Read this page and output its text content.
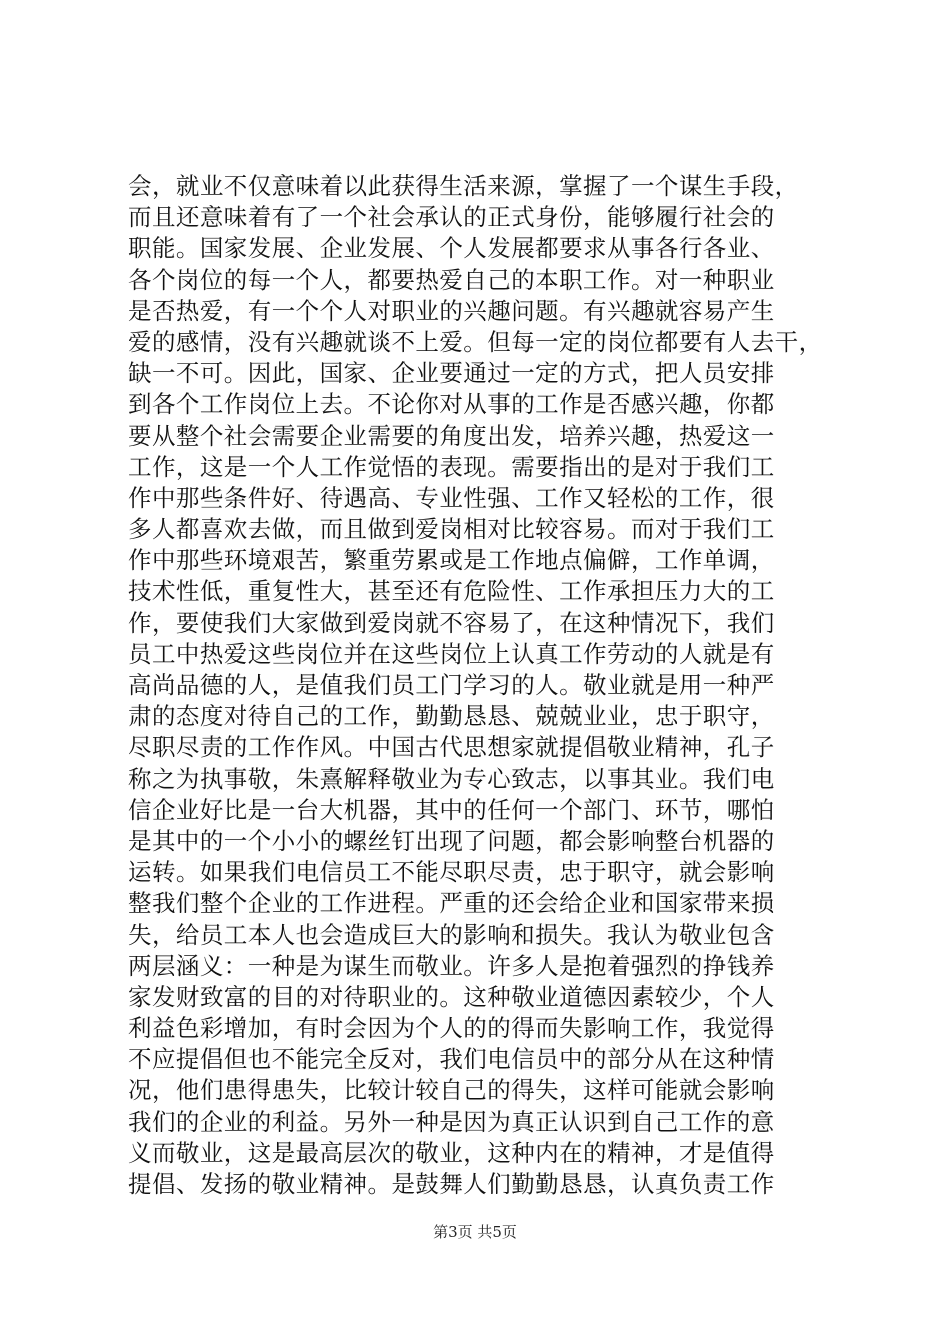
会，就业不仅意味着以此获得生活来源，掌握了一个谋生手段，
而且还意味着有了一个社会承认的正式身份，能够履行社会的
职能。国家发展、企业发展、个人发展都要求从事各行各业、
各个岗位的每一个人，都要热爱自己的本职工作。对一种职业
是否热爱，有一个个人对职业的兴趣问题。有兴趣就容易产生
爱的感情，没有兴趣就谈不上爱。但每一定的岗位都要有人去干，
缺一不可。因此，国家、企业要通过一定的方式，把人员安排
到各个工作岗位上去。不论你对从事的工作是否感兴趣，你都
要从整个社会需要企业需要的角度出发，培养兴趣，热爱这一
工作，这是一个人工作觉悟的表现。需要指出的是对于我们工
作中那些条件好、待遇高、专业性强、工作又轻松的工作，很
多人都喜欢去做，而且做到爱岗相对比较容易。而对于我们工
作中那些环境艰苦，繁重劳累或是工作地点偏僻，工作单调，
技术性低，重复性大，甚至还有危险性、工作承担压力大的工
作，要使我们大家做到爱岗就不容易了，在这种情况下，我们
员工中热爱这些岗位并在这些岗位上认真工作劳动的人就是有
高尚品德的人，是值我们员工门学习的人。敬业就是用一种严
肃的态度对待自己的工作，勤勤恳恳、兢兢业业，忠于职守，
尽职尽责的工作作风。中国古代思想家就提倡敬业精神，孔子
称之为执事敬，朱熹解释敬业为专心致志，以事其业。我们电
信企业好比是一台大机器，其中的任何一个部门、环节，哪怕
是其中的一个小小的螺丝钉出现了问题，都会影响整台机器的
运转。如果我们电信员工不能尽职尽责，忠于职守，就会影响
整我们整个企业的工作进程。严重的还会给企业和国家带来损
失，给员工本人也会造成巨大的影响和损失。我认为敬业包含
两层涵义：一种是为谋生而敬业。许多人是抱着强烈的挣钱养
家发财致富的目的对待职业的。这种敬业道德因素较少，个人
利益色彩增加，有时会因为个人的的得而失影响工作，我觉得
不应提倡但也不能完全反对，我们电信员中的部分从在这种情
况，他们患得患失，比较计较自己的得失，这样可能就会影响
我们的企业的利益。另外一种是因为真正认识到自己工作的意
义而敬业，这是最高层次的敬业，这种内在的精神，才是值得
提倡、发扬的敬业精神。是鼓舞人们勤勤恳恳，认真负责工作
第3页 共5页
